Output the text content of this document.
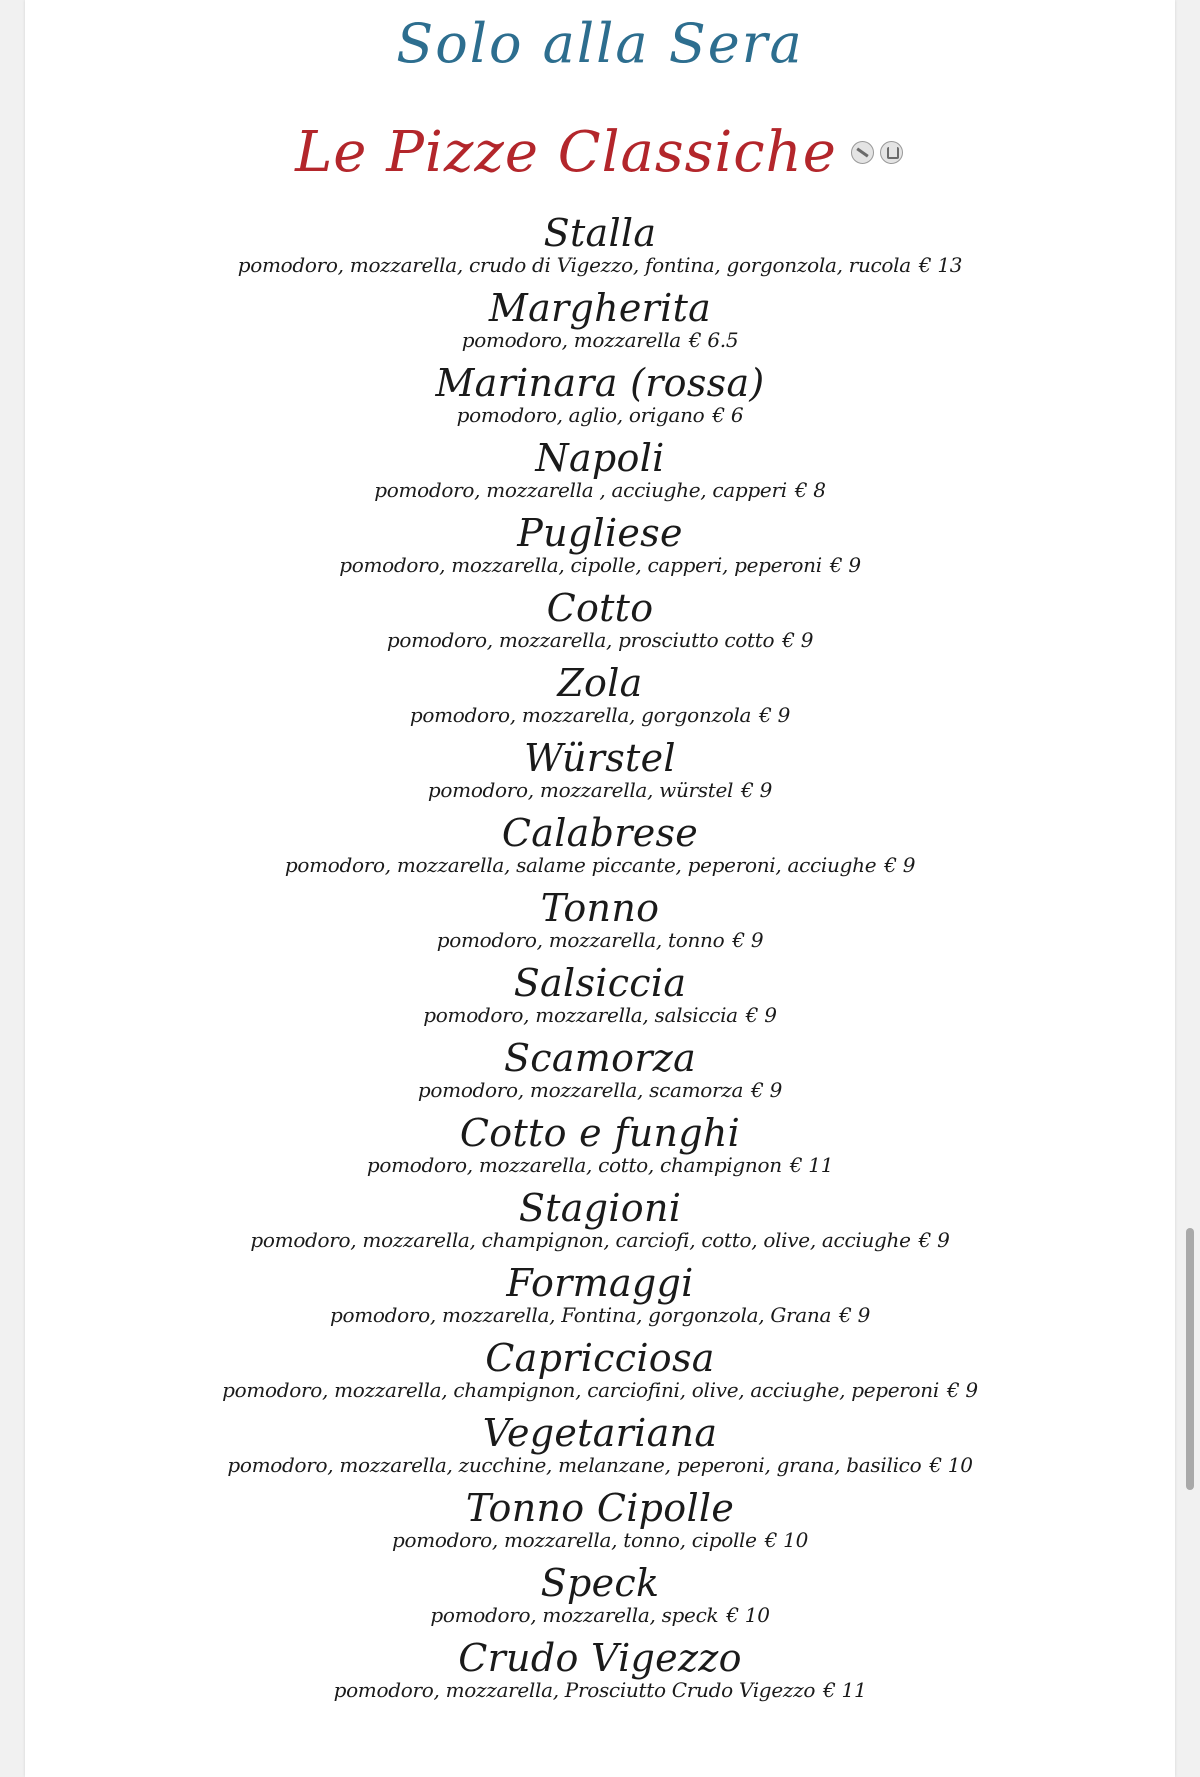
Solo alla Sera
Le Pizze Classiche
Stalla
pomodoro, mozzarella, crudo di Vigezzo, fontina, gorgonzola, rucola € 13
Margherita
pomodoro, mozzarella € 6.5
Marinara (rossa)
pomodoro, aglio, origano € 6
Napoli
pomodoro, mozzarella , acciughe, capperi € 8
Pugliese
pomodoro, mozzarella, cipolle, capperi, peperoni € 9
Cotto
pomodoro, mozzarella, prosciutto cotto € 9
Zola
pomodoro, mozzarella, gorgonzola € 9
Würstel
pomodoro, mozzarella, würstel € 9
Calabrese
pomodoro, mozzarella, salame piccante, peperoni, acciughe € 9
Tonno
pomodoro, mozzarella, tonno € 9
Salsiccia
pomodoro, mozzarella, salsiccia € 9
Scamorza
pomodoro, mozzarella, scamorza € 9
Cotto e funghi
pomodoro, mozzarella, cotto, champignon € 11
Stagioni
pomodoro, mozzarella, champignon, carciofi, cotto, olive, acciughe € 9
Formaggi
pomodoro, mozzarella, Fontina, gorgonzola, Grana € 9
Capricciosa
pomodoro, mozzarella, champignon, carciofini, olive, acciughe, peperoni € 9
Vegetariana
pomodoro, mozzarella, zucchine, melanzane, peperoni, grana, basilico € 10
Tonno Cipolle
pomodoro, mozzarella, tonno, cipolle € 10
Speck
pomodoro, mozzarella, speck € 10
Crudo Vigezzo
pomodoro, mozzarella, Prosciutto Crudo Vigezzo € 11
